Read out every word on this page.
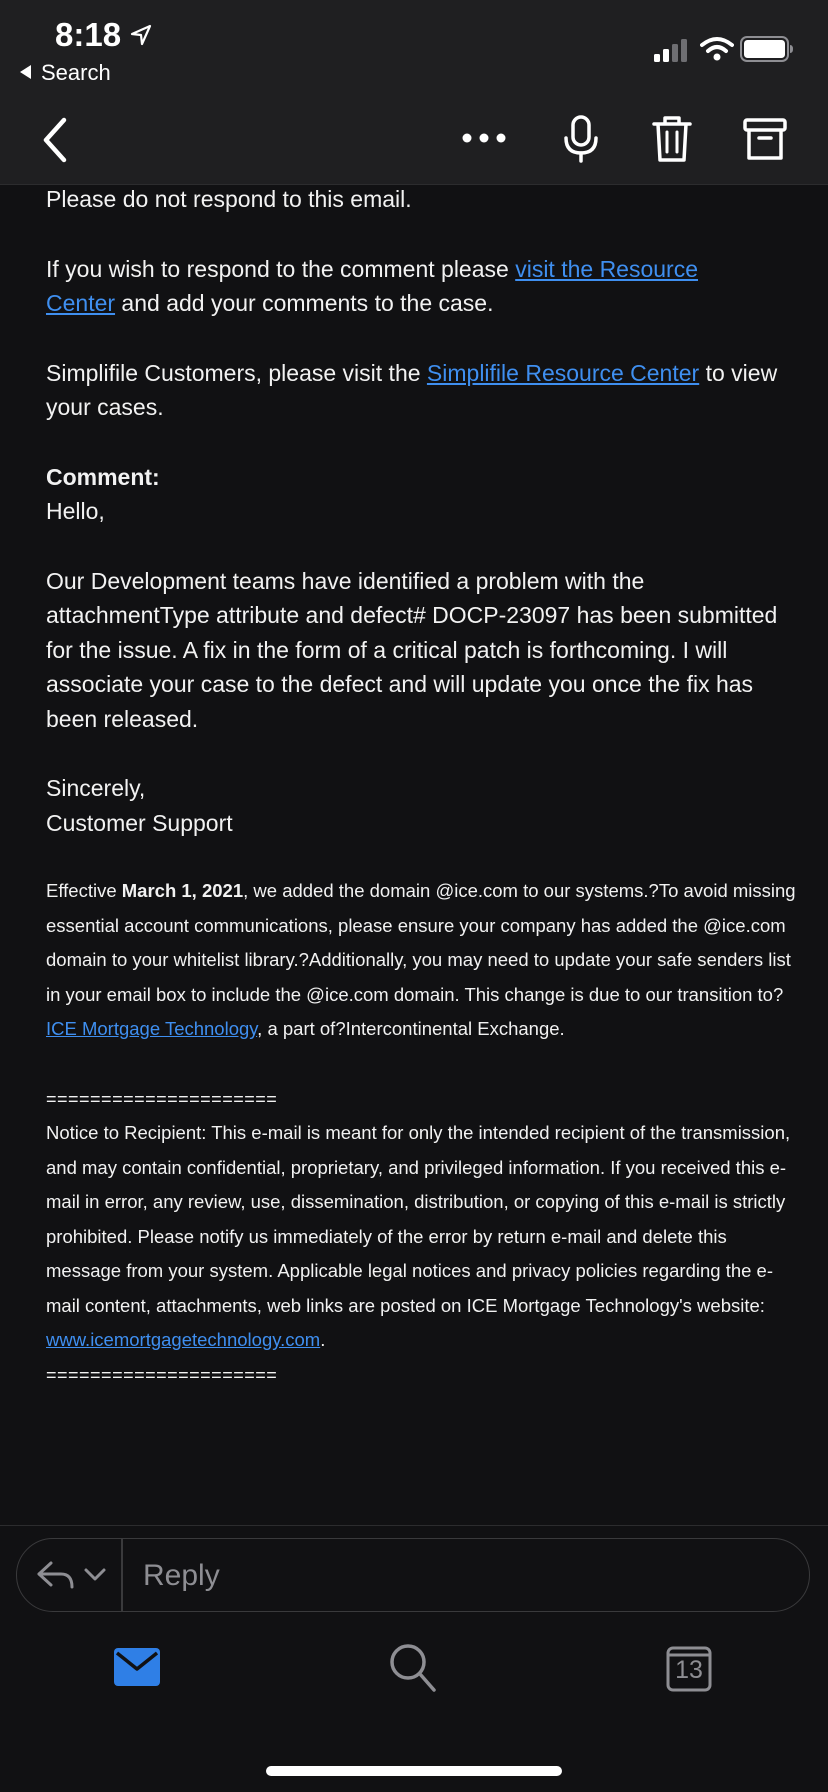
8:18
Search

Please do not respond to this email.

If you wish to respond to the comment please visit the Resource
Center and add your comments to the case.

Simplifile Customers, please visit the Simplifile Resource Center to view your cases.

Comment:

Hello,

Our Development teams have identified a problem with the attachmentType attribute and defect# DOCP-23097 has been submitted for the issue. A fix in the form of a critical patch is forthcoming. I will associate your case to the defect and will update you once the fix has been released.

Sincerely,

Customer Support

Effective March 1, 2021, we added the domain @ice.com to our systems.?To avoid missing essential account communications, please ensure your company has added the @ice.com domain to your whitelist library.?Additionally, you may need to update your safe senders list in your email box to include the @ice.com domain. This change is due to our transition to?ICE Mortgage Technology, a part of?Intercontinental Exchange.

=====================

Notice to Recipient: This e-mail is meant for only the intended recipient of the transmission, and may contain confidential, proprietary, and privileged information. If you received this e-mail in error, any review, use, dissemination, distribution, or copying of this e-mail is strictly prohibited. Please notify us immediately of the error by return e-mail and delete this message from your system. Applicable legal notices and privacy policies regarding the e-mail content, attachments, web links are posted on ICE Mortgage Technology's website: www.icemortgagetechnology.com.

=====================

Reply
13
